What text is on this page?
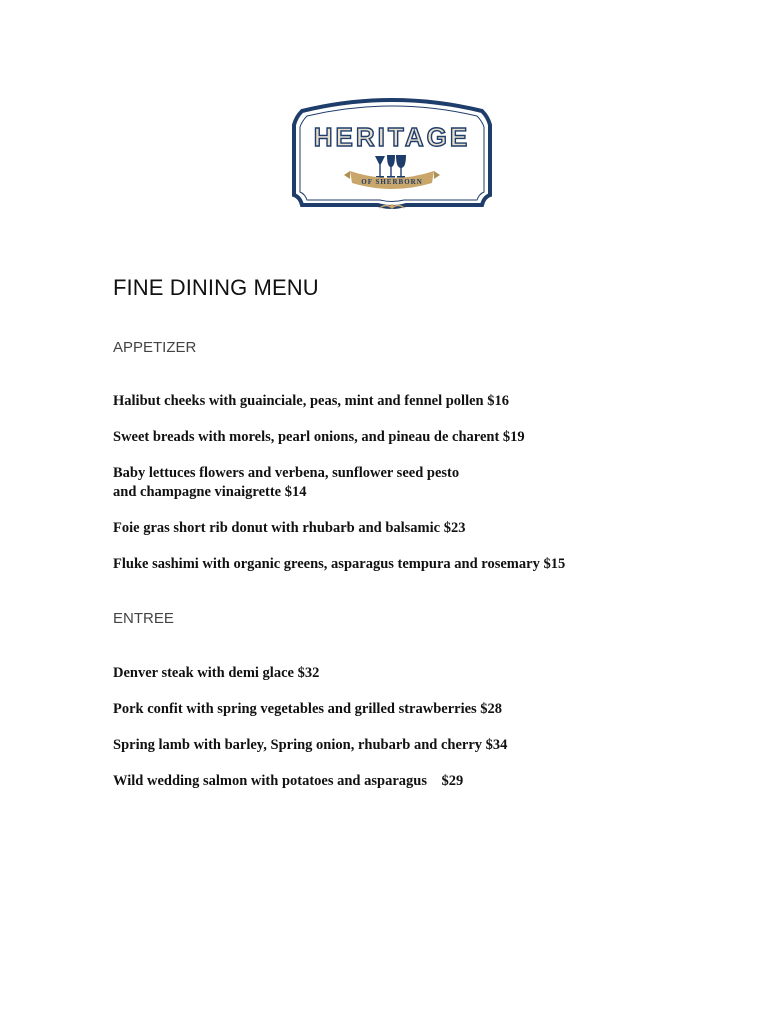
HERITAGE
OF SHERBORN
FINE DINING MENU
APPETIZER

Halibut cheeks with guainciale, peas, mint and fennel pollen $16

Sweet breads with morels, pearl onions, and pineau de charent $19

Baby lettuces flowers and verbena, sunflower seed pesto
and champagne vinaigrette $14

Foie gras short rib donut with rhubarb and balsamic $23

Fluke sashimi with organic greens, asparagus tempura and rosemary $15

ENTREE

Denver steak with demi glace $32

Pork confit with spring vegetables and grilled strawberries $28

Spring lamb with barley, Spring onion, rhubarb and cherry $34

Wild wedding salmon with potatoes and asparagus    $29
